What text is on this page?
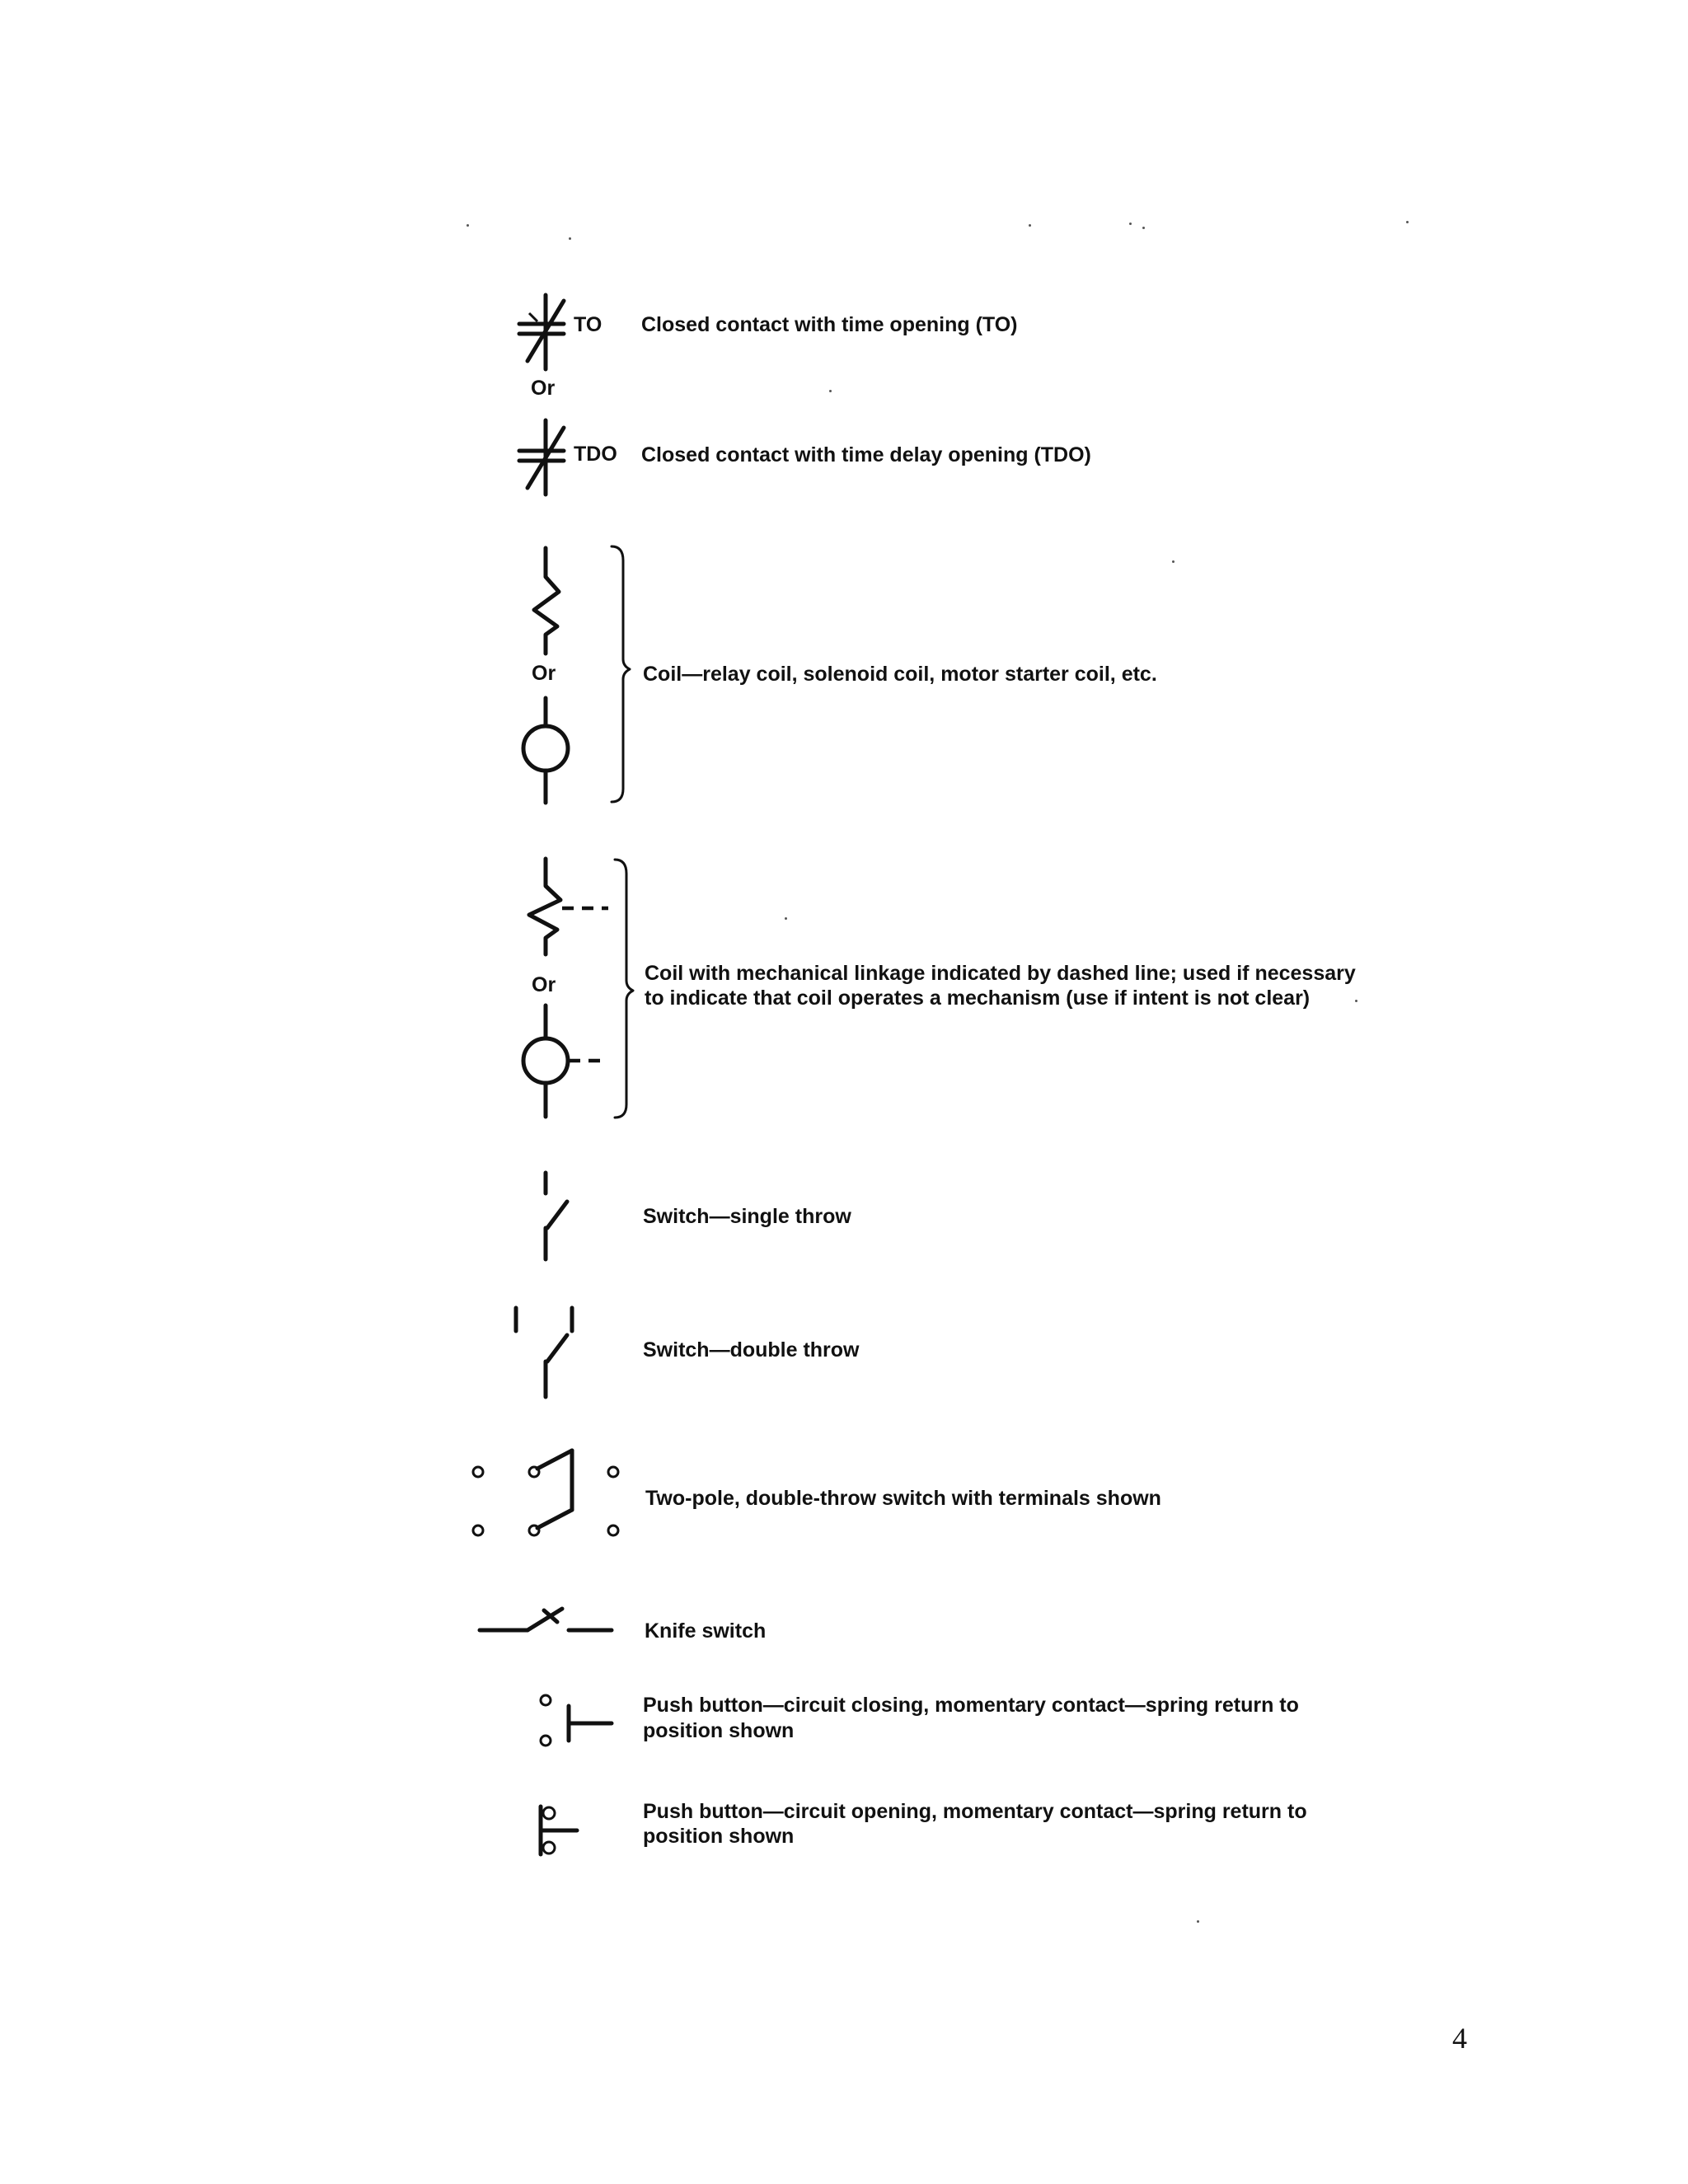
TO Closed contact with time opening (TO)
Or
TDO Closed contact with time delay opening (TDO)
Or	Coil—relay coil, solenoid coil, motor starter coil, etc.
Or	Coil with mechanical linkage indicated by dashed line; used if necessary
to indicate that coil operates a mechanism (use if intent is not clear)
Switch—single throw
Switch—double throw
Two-pole, double-throw switch with terminals shown
Knife switch
Push button—circuit closing, momentary contact—spring return to
position shown
Push button—circuit opening, momentary contact—spring return to
position shown
4
